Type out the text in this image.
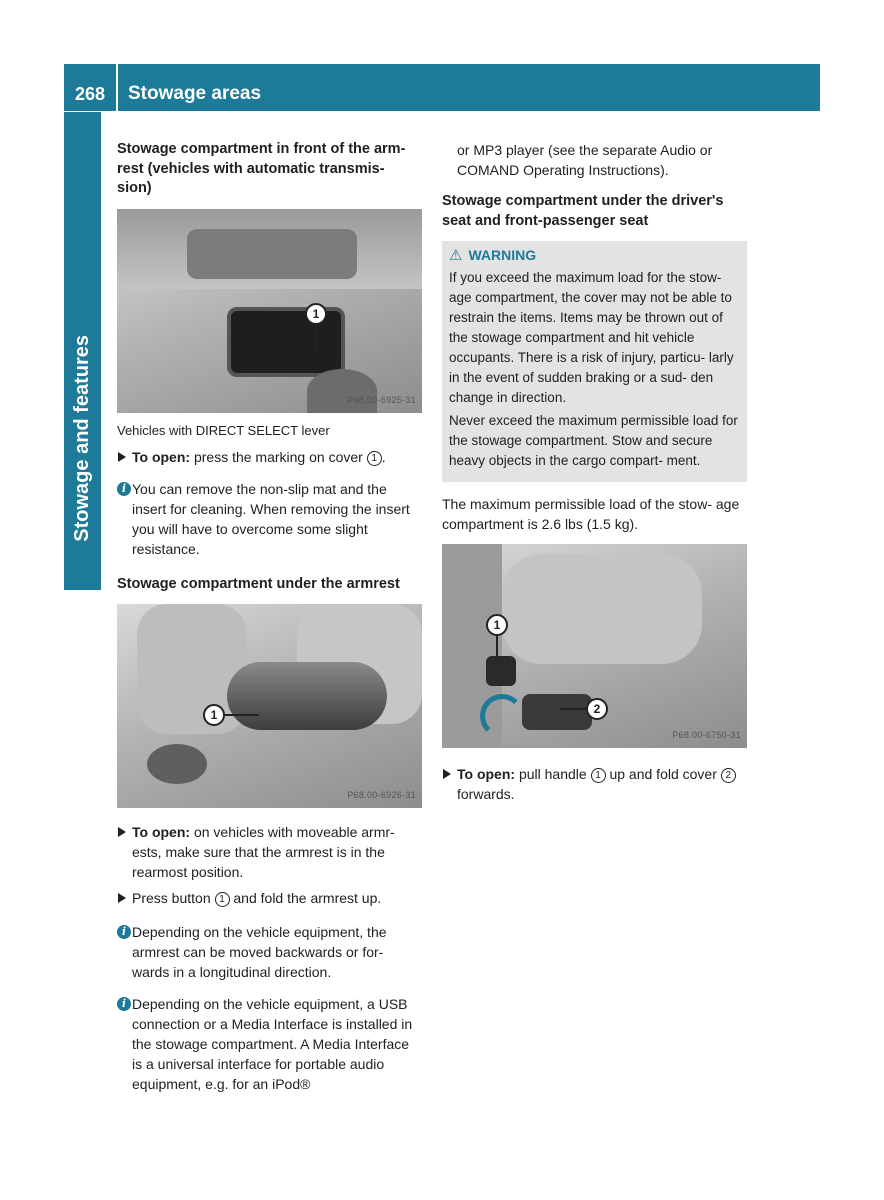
268	Stowage areas
Stowage and features
Stowage compartment in front of the arm- rest (vehicles with automatic transmis- sion)
1
P68.00-6925-31
Vehicles with DIRECT SELECT lever
To open: press the marking on cover 1 .
i You can remove the non-slip mat and the insert for cleaning. When removing the insert you will have to overcome some slight resistance.
Stowage compartment under the armrest
1
P68.00-6926-31
To open: on vehicles with moveable armr- ests, make sure that the armrest is in the rearmost position.
Press button 1 and fold the armrest up.
i Depending on the vehicle equipment, the armrest can be moved backwards or for- wards in a longitudinal direction.
i Depending on the vehicle equipment, a USB connection or a Media Interface is installed in the stowage compartment. A Media Interface is a universal interface for portable audio equipment, e.g. for an iPod®

or MP3 player (see the separate Audio or COMAND Operating Instructions).

Stowage compartment under the driver's seat and front-passenger seat
⚠ WARNING

If you exceed the maximum load for the stow- age compartment, the cover may not be able to restrain the items. Items may be thrown out of the stowage compartment and hit vehicle occupants. There is a risk of injury, particu- larly in the event of sudden braking or a sud- den change in direction.

Never exceed the maximum permissible load for the stowage compartment. Stow and secure heavy objects in the cargo compart- ment.

The maximum permissible load of the stow- age compartment is 2.6 lbs (1.5 kg).

1
2
P68.00-6750-31
To open: pull handle 1 up and fold cover 2 forwards.
